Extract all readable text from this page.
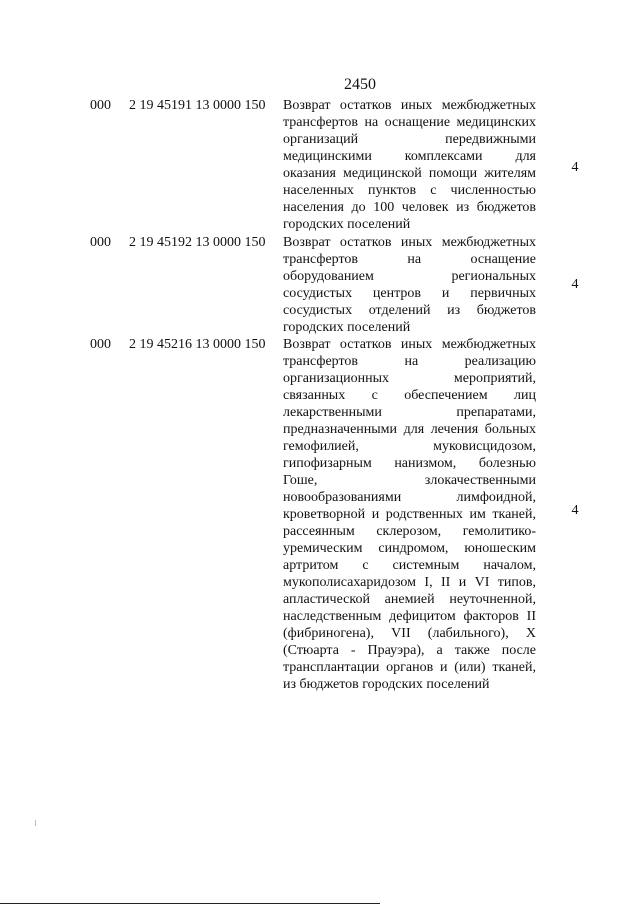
2450
000 2 19 45191 13 0000 150 Возврат остатков иных межбюджетных
трансфертов на оснащение медицинских
организаций передвижными
медицинскими комплексами для
оказания медицинской помощи жителям
населенных пунктов с численностью
населения до 100 человек из бюджетов
городских поселений
4
000 2 19 45192 13 0000 150 Возврат остатков иных межбюджетных
трансфертов на оснащение
оборудованием региональных
сосудистых центров и первичных
сосудистых отделений из бюджетов
городских поселений
4
000 2 19 45216 13 0000 150 Возврат остатков иных межбюджетных
трансфертов на реализацию
организационных мероприятий,
связанных с обеспечением лиц
лекарственными препаратами,
предназначенными для лечения больных
гемофилией, муковисцидозом,
гипофизарным нанизмом, болезнью
Гоше, злокачественными
новообразованиями лимфоидной,
кроветворной и родственных им тканей,
рассеянным склерозом, гемолитико-
уремическим синдромом, юношеским
артритом с системным началом,
мукополисахаридозом I, II и VI типов,
апластической анемией неуточненной,
наследственным дефицитом факторов II
(фибриногена), VII (лабильного), X
(Стюарта - Прауэра), а также после
трансплантации органов и (или) тканей,
из бюджетов городских поселений
4
